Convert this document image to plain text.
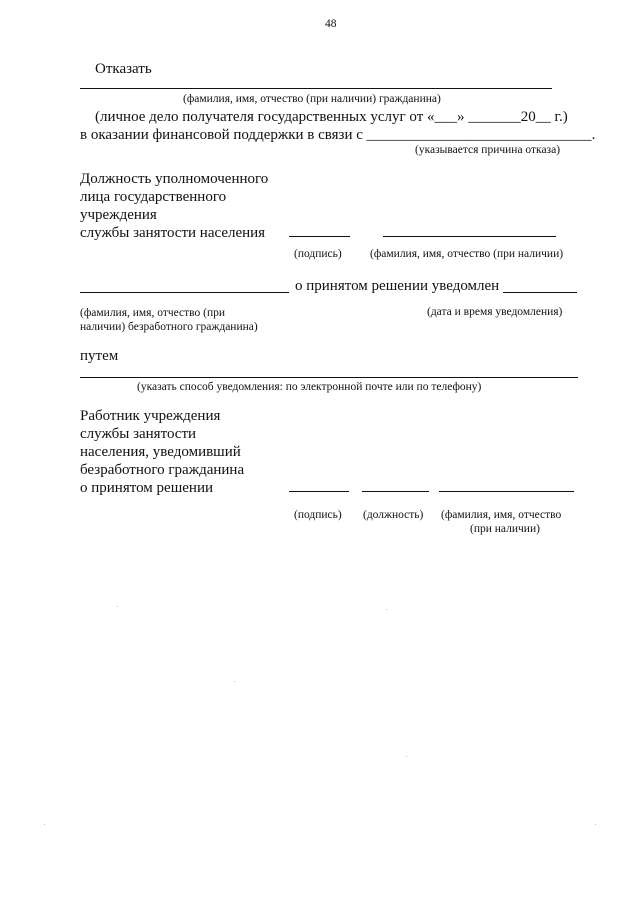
48
Отказать
(фамилия, имя, отчество (при наличии) гражданина)
(личное дело получателя государственных услуг от «___» _______20__ г.)
в оказании финансовой поддержки в связи с ______________________________.
(указывается причина отказа)
Должность уполномоченного
лица государственного
учреждения
службы занятости населения
(подпись) (фамилия, имя, отчество (при наличии)
о принятом решении уведомлен
(фамилия, имя, отчество (при
наличии) безработного гражданина)
(дата и время уведомления)
путем
(указать способ уведомления: по электронной почте или по телефону)
Работник учреждения
службы занятости
населения, уведомивший
безработного гражданина
о принятом решении
(подпись) (должность) (фамилия, имя, отчество
(при наличии)
